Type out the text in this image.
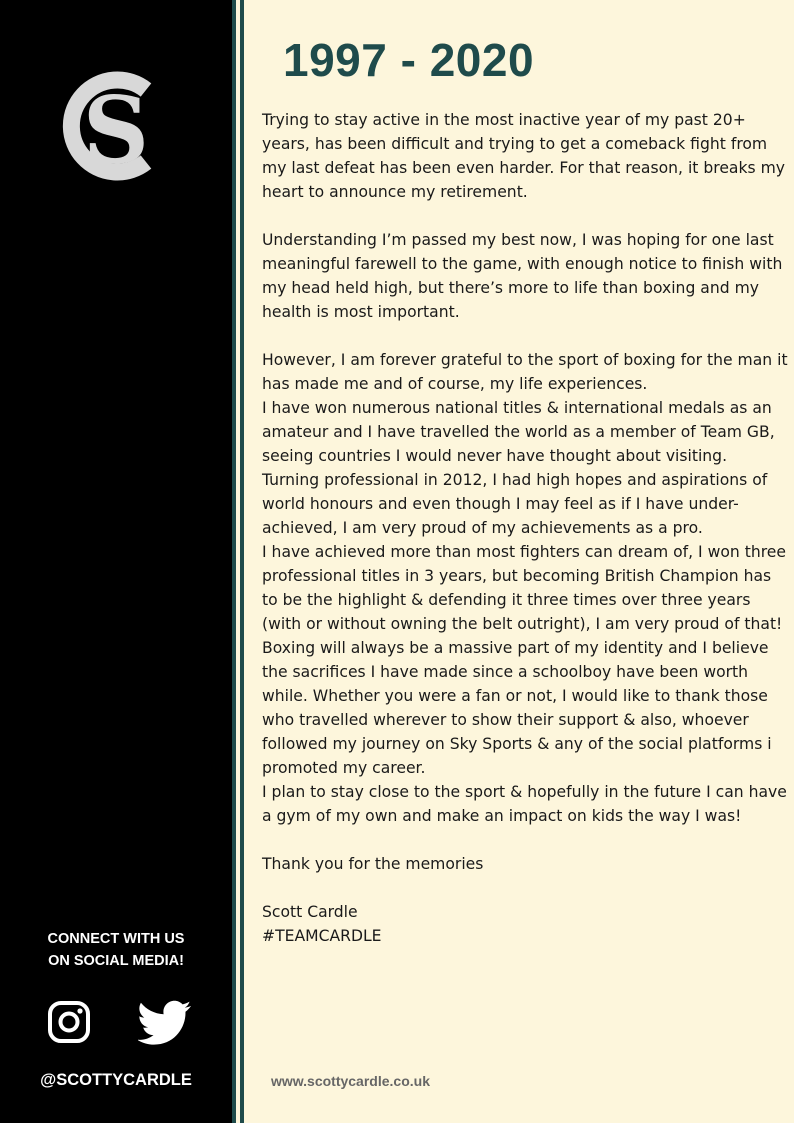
S
CONNECT WITH US
ON SOCIAL MEDIA!
@SCOTTYCARDLE
1997 - 2020
Trying to stay active in the most inactive year of my past 20+ years, has been difficult and trying to get a comeback fight from my last defeat has been even harder. For that reason, it breaks my heart to announce my retirement.
Understanding I’m passed my best now, I was hoping for one last meaningful farewell to the game, with enough notice to finish with my head held high, but there’s more to life than boxing and my health is most important.
However, I am forever grateful to the sport of boxing for the man it has made me and of course, my life experiences.
I have won numerous national titles & international medals as an amateur and I have travelled the world as a member of Team GB, seeing countries I would never have thought about visiting.
Turning professional in 2012, I had high hopes and aspirations of world honours and even though I may feel as if I have under-achieved, I am very proud of my achievements as a pro.
I have achieved more than most fighters can dream of, I won three professional titles in 3 years, but becoming British Champion has to be the highlight & defending it three times over three years (with or without owning the belt outright), I am very proud of that!
Boxing will always be a massive part of my identity and I believe the sacrifices I have made since a schoolboy have been worth while. Whether you were a fan or not, I would like to thank those who travelled wherever to show their support & also, whoever followed my journey on Sky Sports & any of the social platforms i promoted my career.
I plan to stay close to the sport & hopefully in the future I can have a gym of my own and make an impact on kids the way I was!
Thank you for the memories
Scott Cardle
#TEAMCARDLE
www.scottycardle.co.uk
